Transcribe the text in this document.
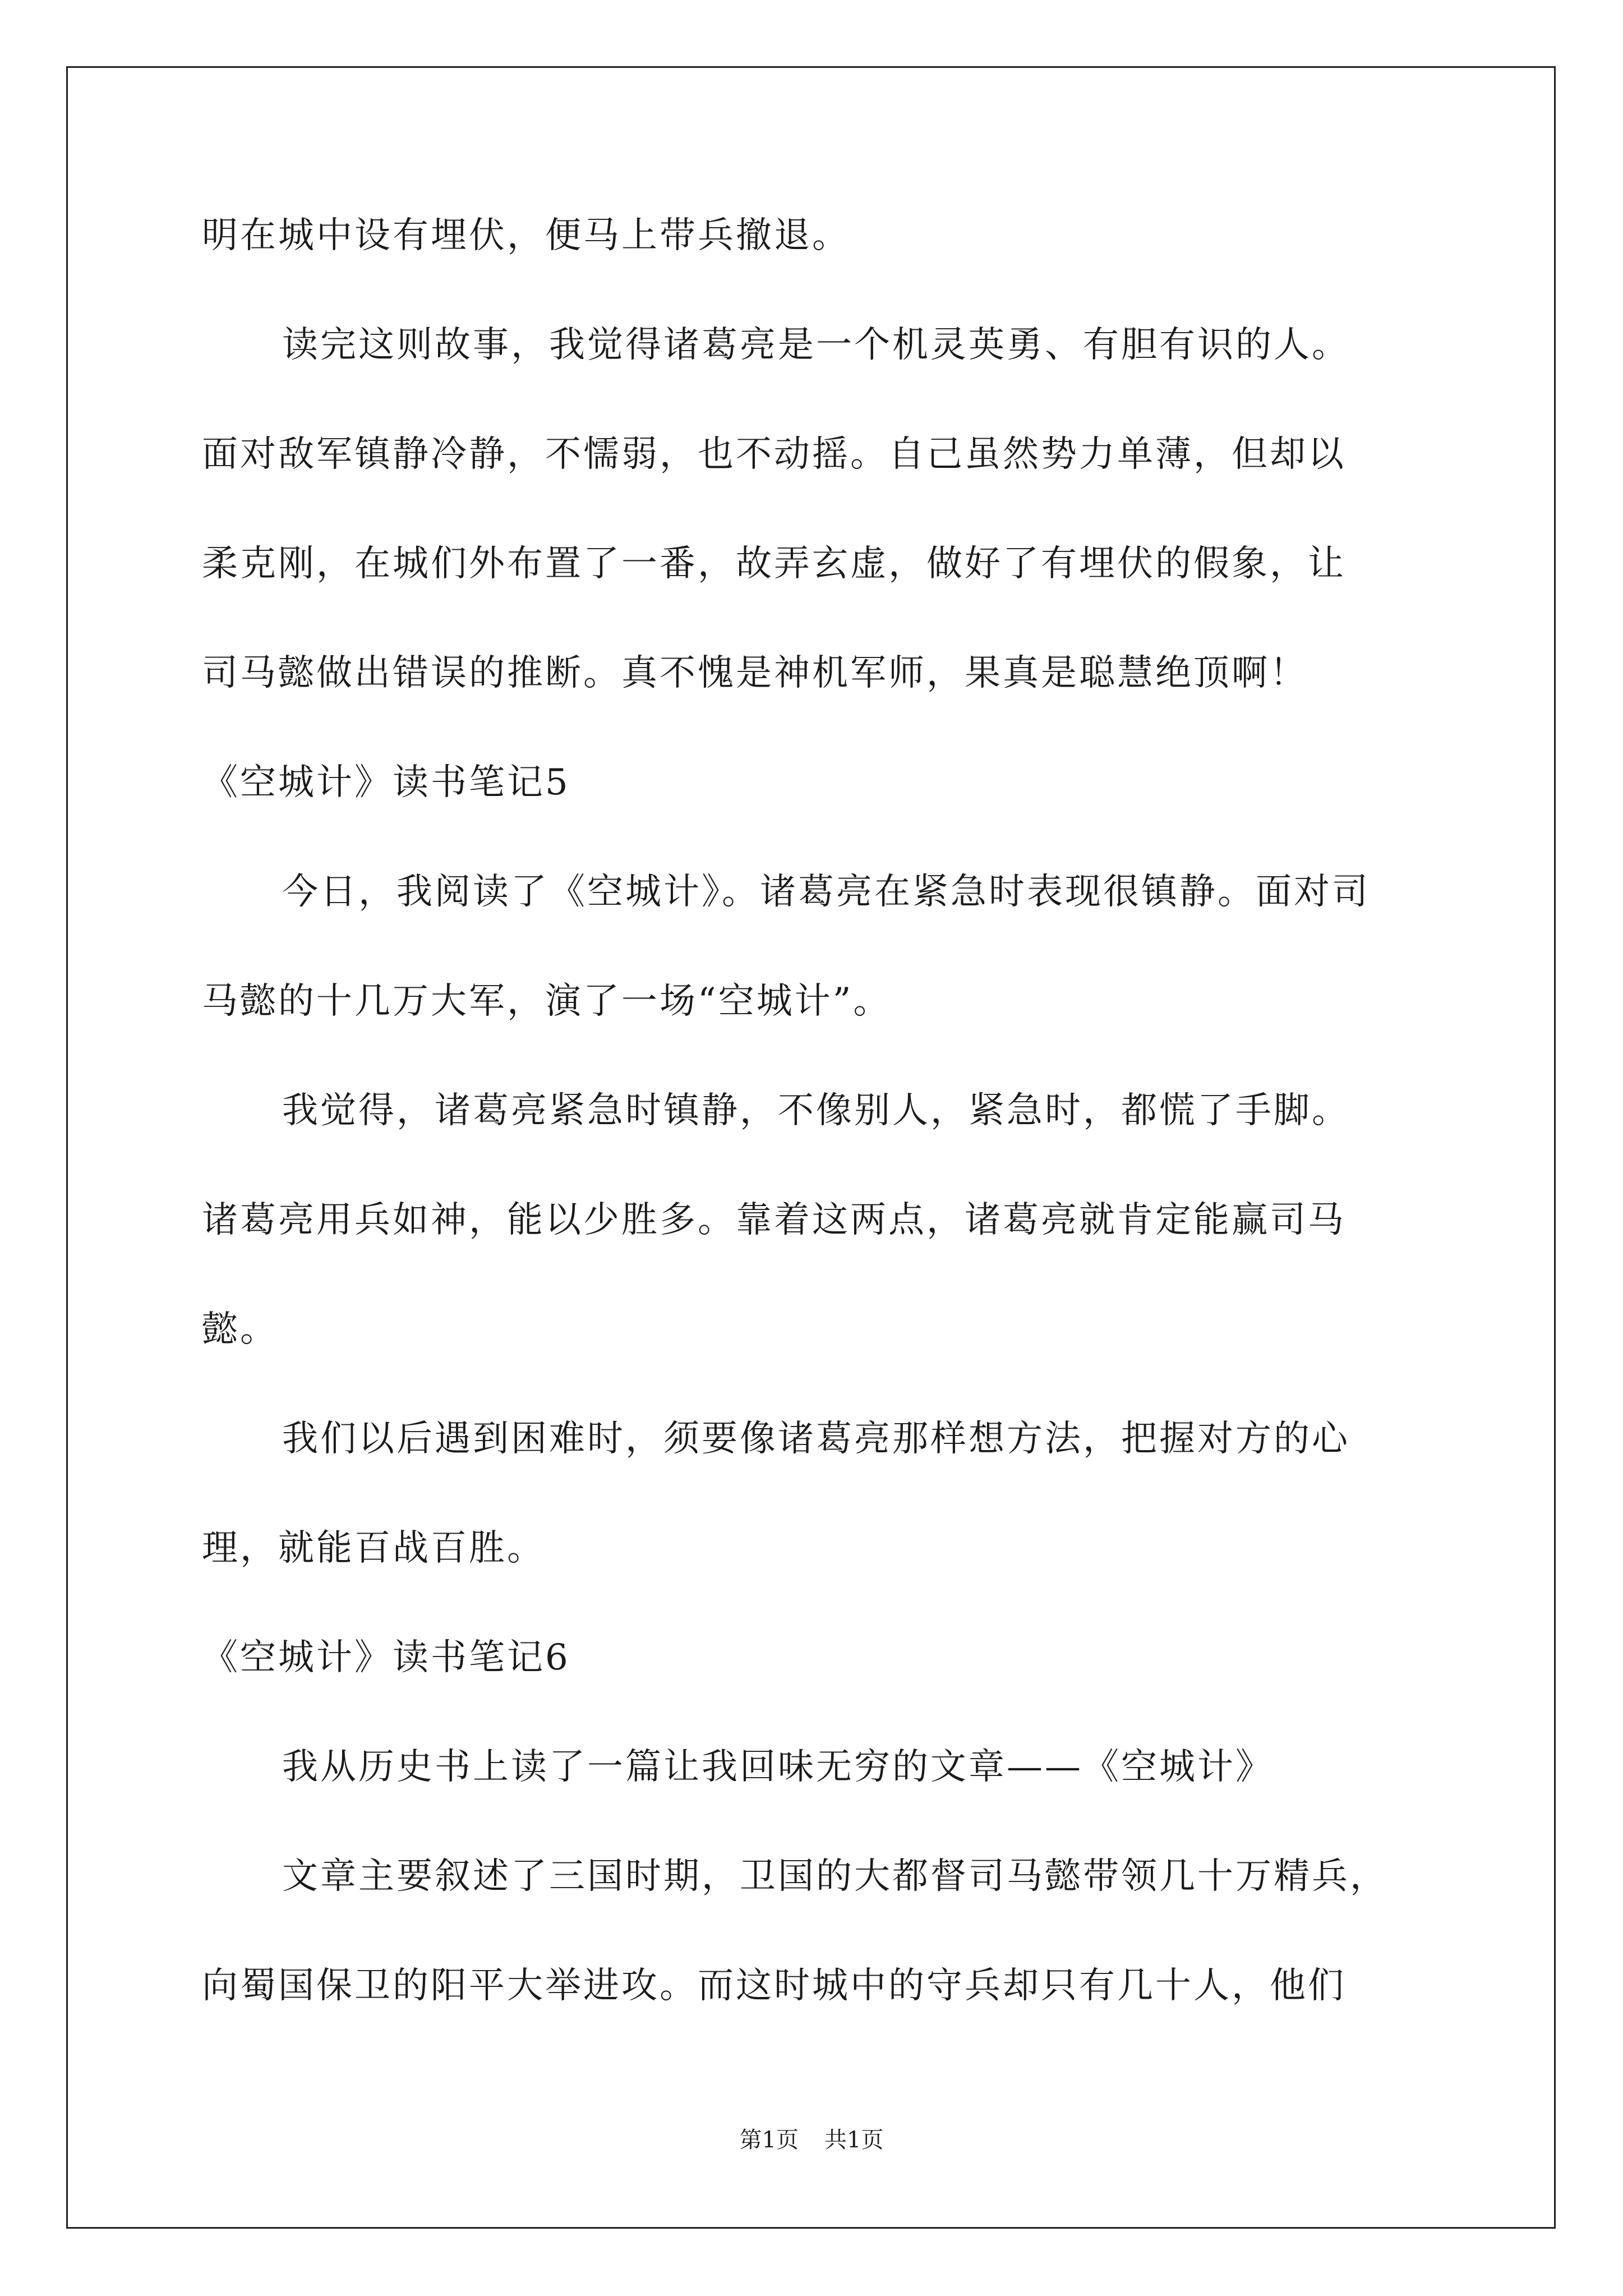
明在城中设有埋伏，便马上带兵撤退。
读完这则故事，我觉得诸葛亮是一个机灵英勇、有胆有识的人。
面对敌军镇静冷静，不懦弱，也不动摇。自己虽然势力单薄，但却以
柔克刚，在城们外布置了一番，故弄玄虚，做好了有埋伏的假象，让
司马懿做出错误的推断。真不愧是神机军师，果真是聪慧绝顶啊！
《空城计》读书笔记5
今日，我阅读了《空城计》。诸葛亮在紧急时表现很镇静。面对司
马懿的十几万大军，演了一场“空城计”。
我觉得，诸葛亮紧急时镇静，不像别人，紧急时，都慌了手脚。
诸葛亮用兵如神，能以少胜多。靠着这两点，诸葛亮就肯定能赢司马
懿。
我们以后遇到困难时，须要像诸葛亮那样想方法，把握对方的心
理，就能百战百胜。
《空城计》读书笔记6
我从历史书上读了一篇让我回味无穷的文章——《空城计》
文章主要叙述了三国时期，卫国的大都督司马懿带领几十万精兵，
向蜀国保卫的阳平大举进攻。而这时城中的守兵却只有几十人，他们
第1页 共1页
